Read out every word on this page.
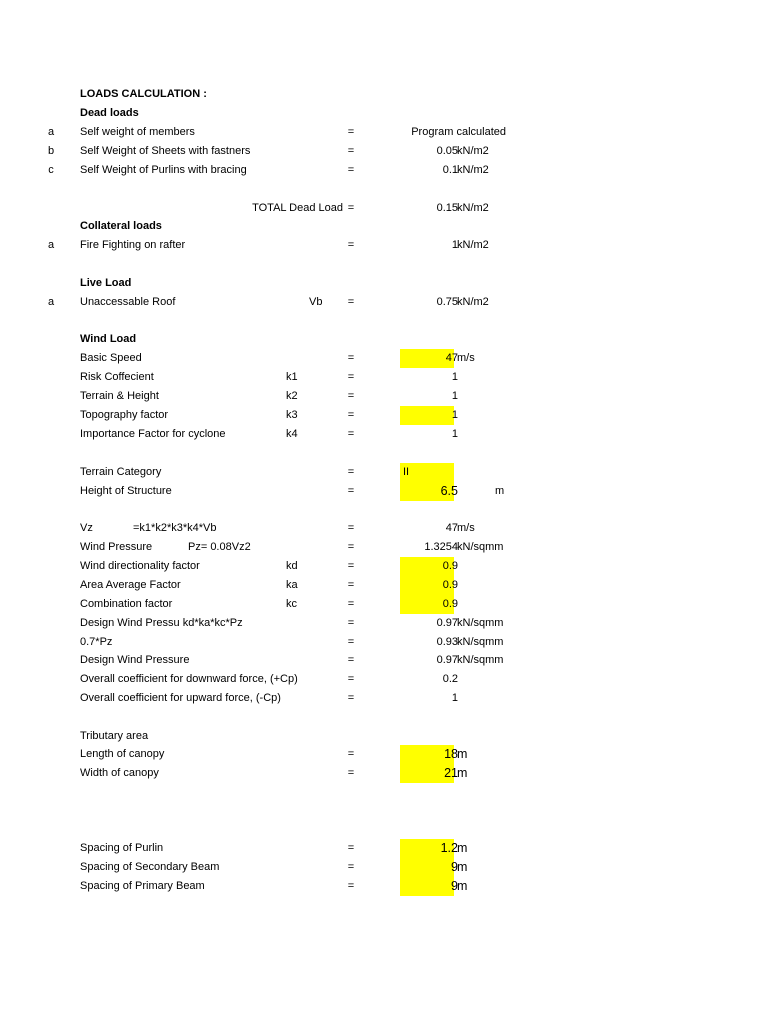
LOADS CALCULATION :
Dead loads
a	Self weight of members	=	Program calculated
b	Self Weight of Sheets with fastners	=	0.05 kN/m2
c	Self Weight of Purlins with bracing	=	0.1 kN/m2
TOTAL Dead Load =	0.15 kN/m2
Collateral loads
a	Fire Fighting on rafter	=	1 kN/m2
Live Load
a	Unaccessable Roof	Vb =	0.75 kN/m2
Wind Load
Basic Speed	=	47 m/s
Risk Coffecient	k1	=	1
Terrain & Height	k2	=	1
Topography factor	k3	=	1
Importance Factor for cyclone	k4	=	1
Terrain Category	=	II
Height of Structure	=	6.5	m
Vz	=k1*k2*k3*k4*Vb	=	47 m/s
Wind Pressure	Pz= 0.08Vz2	=	1.3254 kN/sqmm
Wind directionality factor	kd	=	0.9
Area Average Factor	ka	=	0.9
Combination factor	kc	=	0.9
Design Wind Pressu kd*ka*kc*Pz	=	0.97 kN/sqmm
0.7*Pz	=	0.93 kN/sqmm
Design Wind Pressure	=	0.97 kN/sqmm
Overall coefficient for downward force, (+Cp)	=	0.2
Overall coefficient for upward force, (-Cp)	=	1
Tributary area
Length of canopy	=	18 m
Width of canopy	=	21 m
Spacing of Purlin	=	1.2 m
Spacing of Secondary Beam	=	9 m
Spacing of Primary Beam	=	9 m
